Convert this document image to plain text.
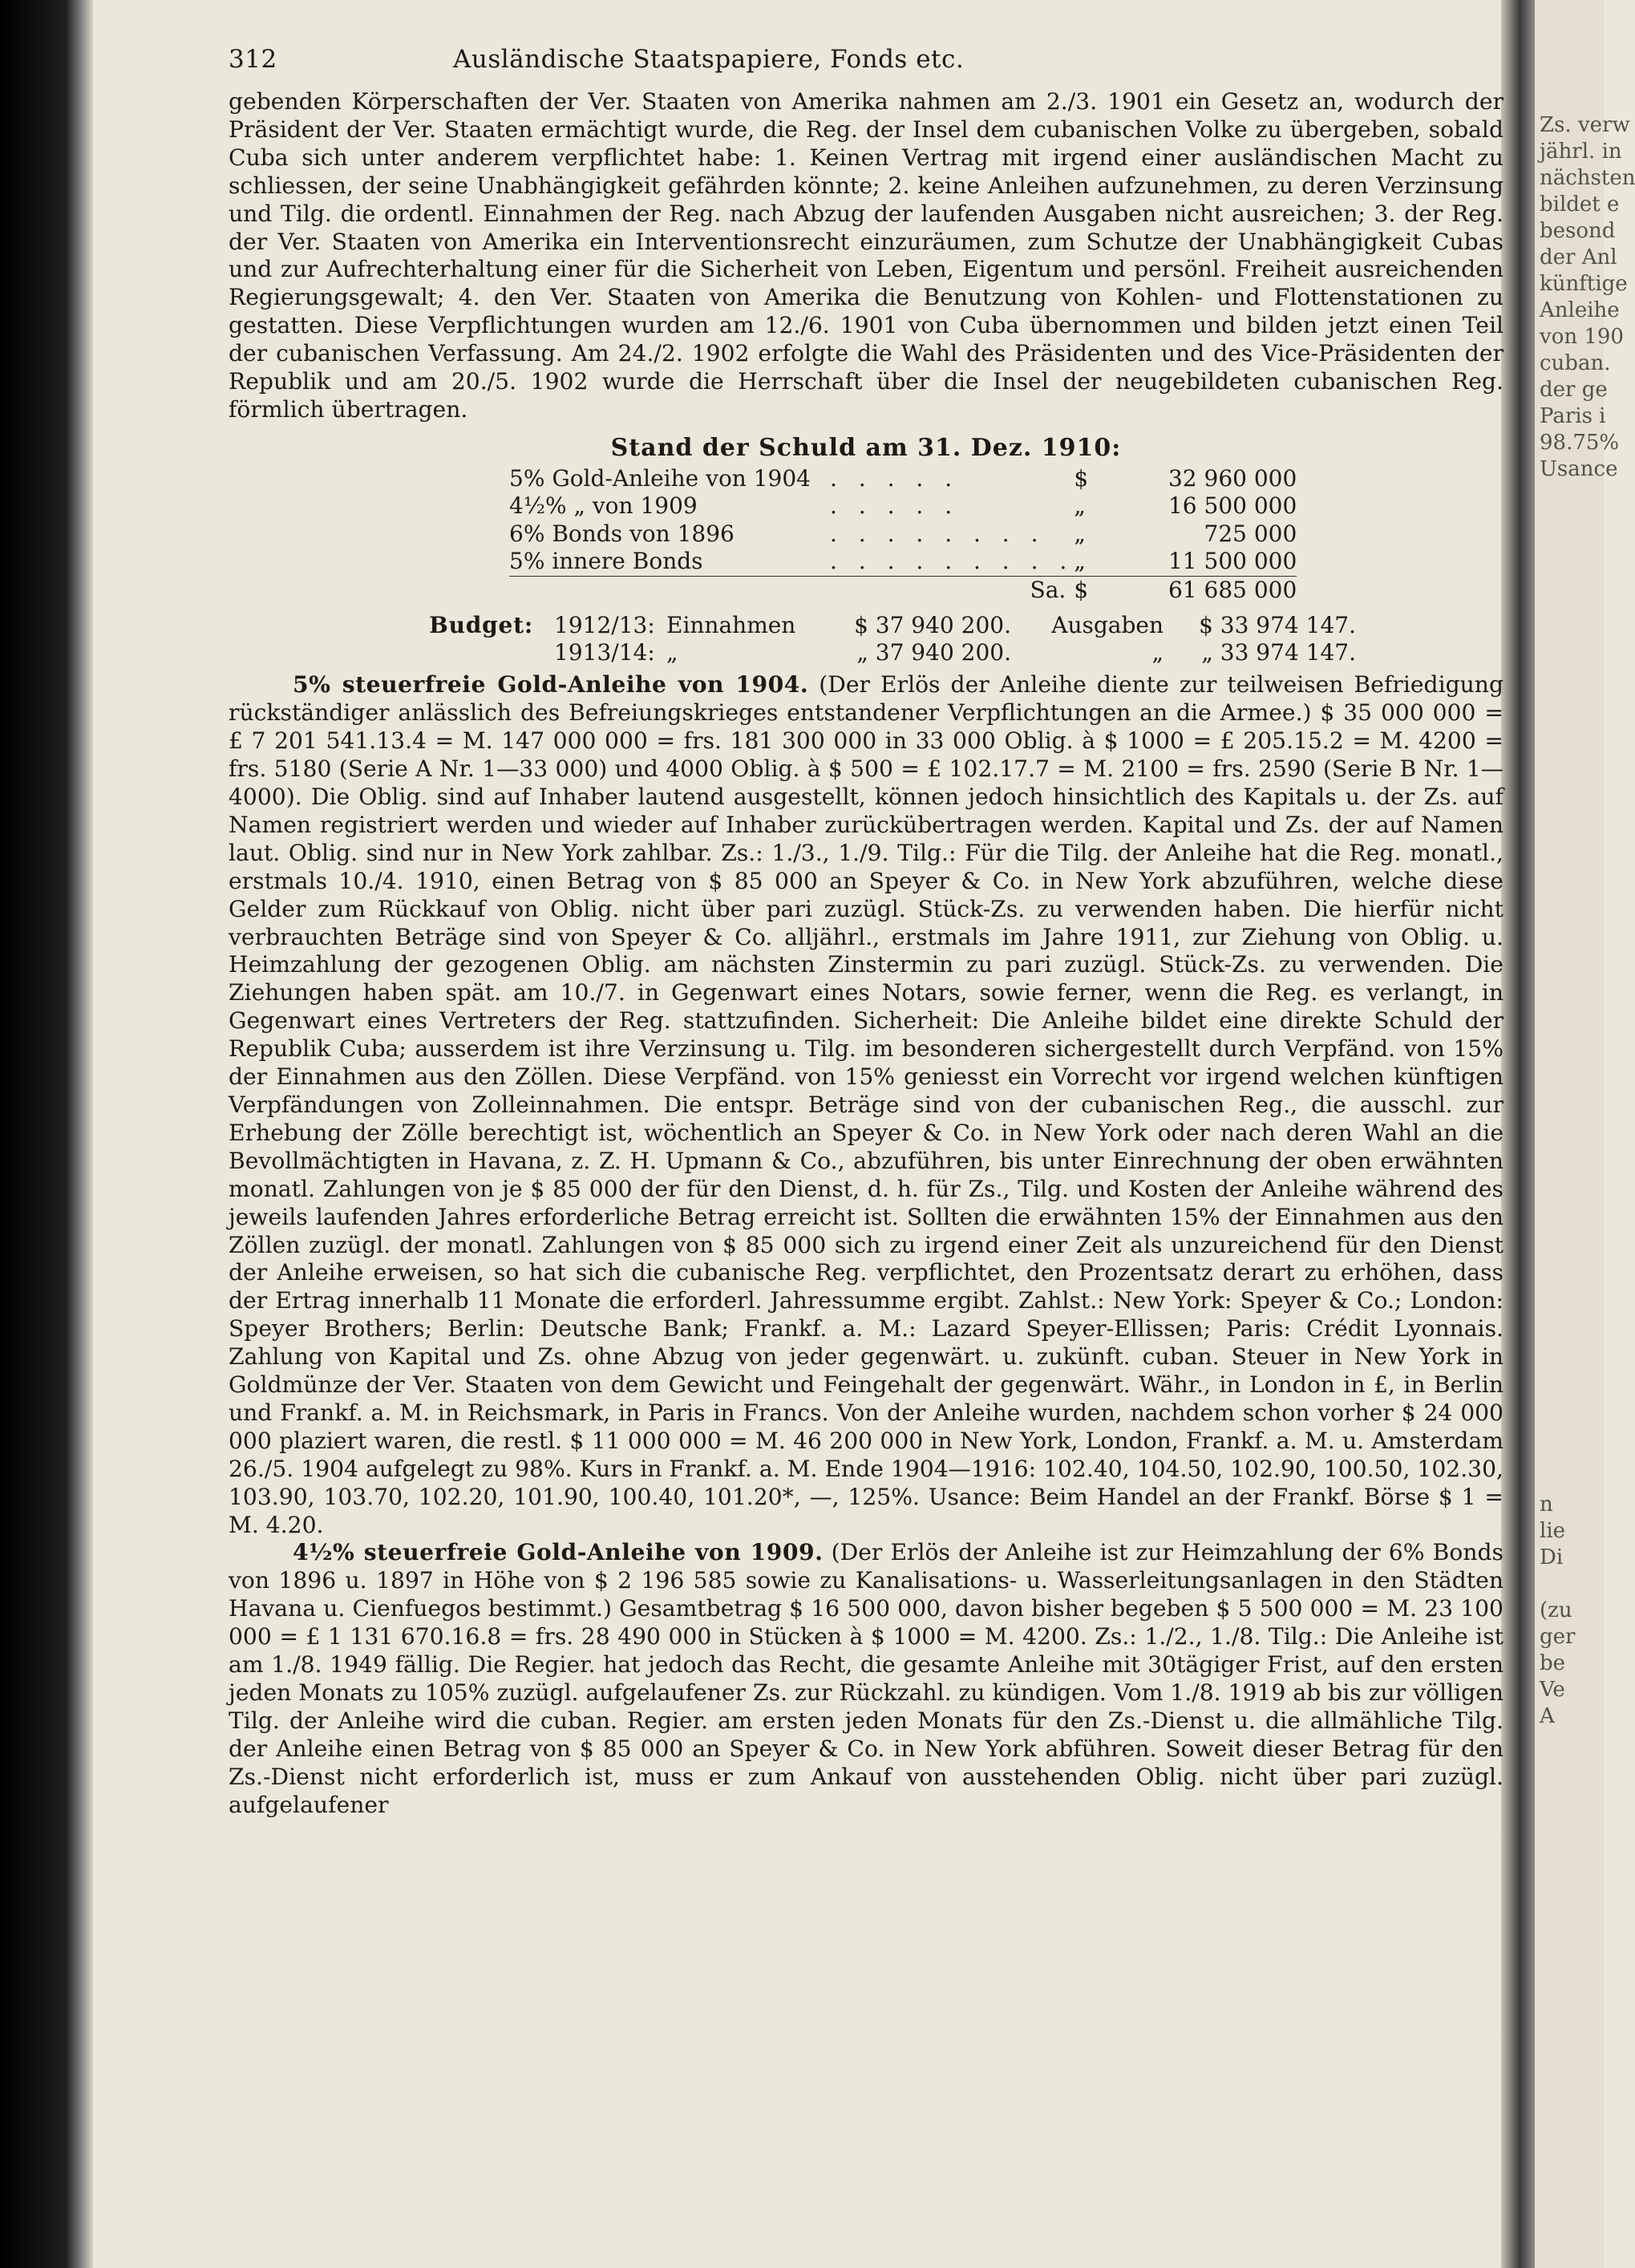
Zs. verw
jährl. in
nächsten
bildet e
besond
der Anl
künftige
Anleihe
von 190
cuban.
der ge
Paris i
98.75%
Usance
n
lie
Di

(zu
ger
be
Ve
A
312	Ausländische Staatspapiere, Fonds etc.

gebenden Körperschaften der Ver. Staaten von Amerika nahmen am 2./3. 1901 ein Gesetz an, wodurch der Präsident der Ver. Staaten ermächtigt wurde, die Reg. der Insel dem cubanischen Volke zu übergeben, sobald Cuba sich unter anderem verpflichtet habe: 1. Keinen Vertrag mit irgend einer ausländischen Macht zu schliessen, der seine Unabhängigkeit gefährden könnte; 2. keine Anleihen aufzunehmen, zu deren Verzinsung und Tilg. die ordentl. Einnahmen der Reg. nach Abzug der laufenden Ausgaben nicht ausreichen; 3. der Reg. der Ver. Staaten von Amerika ein Interventionsrecht einzuräumen, zum Schutze der Unabhängigkeit Cubas und zur Aufrechterhaltung einer für die Sicherheit von Leben, Eigentum und persönl. Freiheit ausreichenden Regierungsgewalt; 4. den Ver. Staaten von Amerika die Benutzung von Kohlen- und Flottenstationen zu gestatten. Diese Verpflichtungen wurden am 12./6. 1901 von Cuba übernommen und bilden jetzt einen Teil der cubanischen Verfassung. Am 24./2. 1902 erfolgte die Wahl des Präsidenten und des Vice-Präsidenten der Republik und am 20./5. 1902 wurde die Herrschaft über die Insel der neugebildeten cubanischen Reg. förmlich übertragen.

Stand der Schuld am 31. Dez. 1910:
5% Gold-Anleihe von 1904	. . . . .	$	32 960 000
4½% „ von 1909	. . . . .	„	16 500 000
6% Bonds von 1896	. . . . . . . .	„	725 000
5% innere Bonds	. . . . . . . . .	„	11 500 000
Sa.		$	61 685 000
Budget: 1912/13: Einnahmen	$ 37 940 200.	Ausgaben	$ 33 974 147.
1913/14: „	„ 37 940 200.	„	„ 33 974 147.

5% steuerfreie Gold-Anleihe von 1904. (Der Erlös der Anleihe diente zur teilweisen Befriedigung rückständiger anlässlich des Befreiungskrieges entstandener Verpflichtungen an die Armee.) $ 35 000 000 = £ 7 201 541.13.4 = M. 147 000 000 = frs. 181 300 000 in 33 000 Oblig. à $ 1000 = £ 205.15.2 = M. 4200 = frs. 5180 (Serie A Nr. 1—33 000) und 4000 Oblig. à $ 500 = £ 102.17.7 = M. 2100 = frs. 2590 (Serie B Nr. 1—4000). Die Oblig. sind auf Inhaber lautend ausgestellt, können jedoch hinsichtlich des Kapitals u. der Zs. auf Namen registriert werden und wieder auf Inhaber zurückübertragen werden. Kapital und Zs. der auf Namen laut. Oblig. sind nur in New York zahlbar. Zs.: 1./3., 1./9. Tilg.: Für die Tilg. der Anleihe hat die Reg. monatl., erstmals 10./4. 1910, einen Betrag von $ 85 000 an Speyer & Co. in New York abzuführen, welche diese Gelder zum Rückkauf von Oblig. nicht über pari zuzügl. Stück-Zs. zu verwenden haben. Die hierfür nicht verbrauchten Beträge sind von Speyer & Co. alljährl., erstmals im Jahre 1911, zur Ziehung von Oblig. u. Heimzahlung der gezogenen Oblig. am nächsten Zinstermin zu pari zuzügl. Stück-Zs. zu verwenden. Die Ziehungen haben spät. am 10./7. in Gegenwart eines Notars, sowie ferner, wenn die Reg. es verlangt, in Gegenwart eines Vertreters der Reg. stattzufinden. Sicherheit: Die Anleihe bildet eine direkte Schuld der Republik Cuba; ausserdem ist ihre Verzinsung u. Tilg. im besonderen sichergestellt durch Verpfänd. von 15% der Einnahmen aus den Zöllen. Diese Verpfänd. von 15% geniesst ein Vorrecht vor irgend welchen künftigen Verpfändungen von Zolleinnahmen. Die entspr. Beträge sind von der cubanischen Reg., die ausschl. zur Erhebung der Zölle berechtigt ist, wöchentlich an Speyer & Co. in New York oder nach deren Wahl an die Bevollmächtigten in Havana, z. Z. H. Upmann & Co., abzuführen, bis unter Einrechnung der oben erwähnten monatl. Zahlungen von je $ 85 000 der für den Dienst, d. h. für Zs., Tilg. und Kosten der Anleihe während des jeweils laufenden Jahres erforderliche Betrag erreicht ist. Sollten die erwähnten 15% der Einnahmen aus den Zöllen zuzügl. der monatl. Zahlungen von $ 85 000 sich zu irgend einer Zeit als unzureichend für den Dienst der Anleihe erweisen, so hat sich die cubanische Reg. verpflichtet, den Prozentsatz derart zu erhöhen, dass der Ertrag innerhalb 11 Monate die erforderl. Jahressumme ergibt. Zahlst.: New York: Speyer & Co.; London: Speyer Brothers; Berlin: Deutsche Bank; Frankf. a. M.: Lazard Speyer-Ellissen; Paris: Crédit Lyonnais. Zahlung von Kapital und Zs. ohne Abzug von jeder gegenwärt. u. zukünft. cuban. Steuer in New York in Goldmünze der Ver. Staaten von dem Gewicht und Feingehalt der gegenwärt. Währ., in London in £, in Berlin und Frankf. a. M. in Reichsmark, in Paris in Francs. Von der Anleihe wurden, nachdem schon vorher $ 24 000 000 plaziert waren, die restl. $ 11 000 000 = M. 46 200 000 in New York, London, Frankf. a. M. u. Amsterdam 26./5. 1904 aufgelegt zu 98%. Kurs in Frankf. a. M. Ende 1904—1916: 102.40, 104.50, 102.90, 100.50, 102.30, 103.90, 103.70, 102.20, 101.90, 100.40, 101.20*, —, 125%. Usance: Beim Handel an der Frankf. Börse $ 1 = M. 4.20.

4½% steuerfreie Gold-Anleihe von 1909. (Der Erlös der Anleihe ist zur Heimzahlung der 6% Bonds von 1896 u. 1897 in Höhe von $ 2 196 585 sowie zu Kanalisations- u. Wasserleitungsanlagen in den Städten Havana u. Cienfuegos bestimmt.) Gesamtbetrag $ 16 500 000, davon bisher begeben $ 5 500 000 = M. 23 100 000 = £ 1 131 670.16.8 = frs. 28 490 000 in Stücken à $ 1000 = M. 4200. Zs.: 1./2., 1./8. Tilg.: Die Anleihe ist am 1./8. 1949 fällig. Die Regier. hat jedoch das Recht, die gesamte Anleihe mit 30tägiger Frist, auf den ersten jeden Monats zu 105% zuzügl. aufgelaufener Zs. zur Rückzahl. zu kündigen. Vom 1./8. 1919 ab bis zur völligen Tilg. der Anleihe wird die cuban. Regier. am ersten jeden Monats für den Zs.-Dienst u. die allmähliche Tilg. der Anleihe einen Betrag von $ 85 000 an Speyer & Co. in New York abführen. Soweit dieser Betrag für den Zs.-Dienst nicht erforderlich ist, muss er zum Ankauf von ausstehenden Oblig. nicht über pari zuzügl. aufgelaufener
